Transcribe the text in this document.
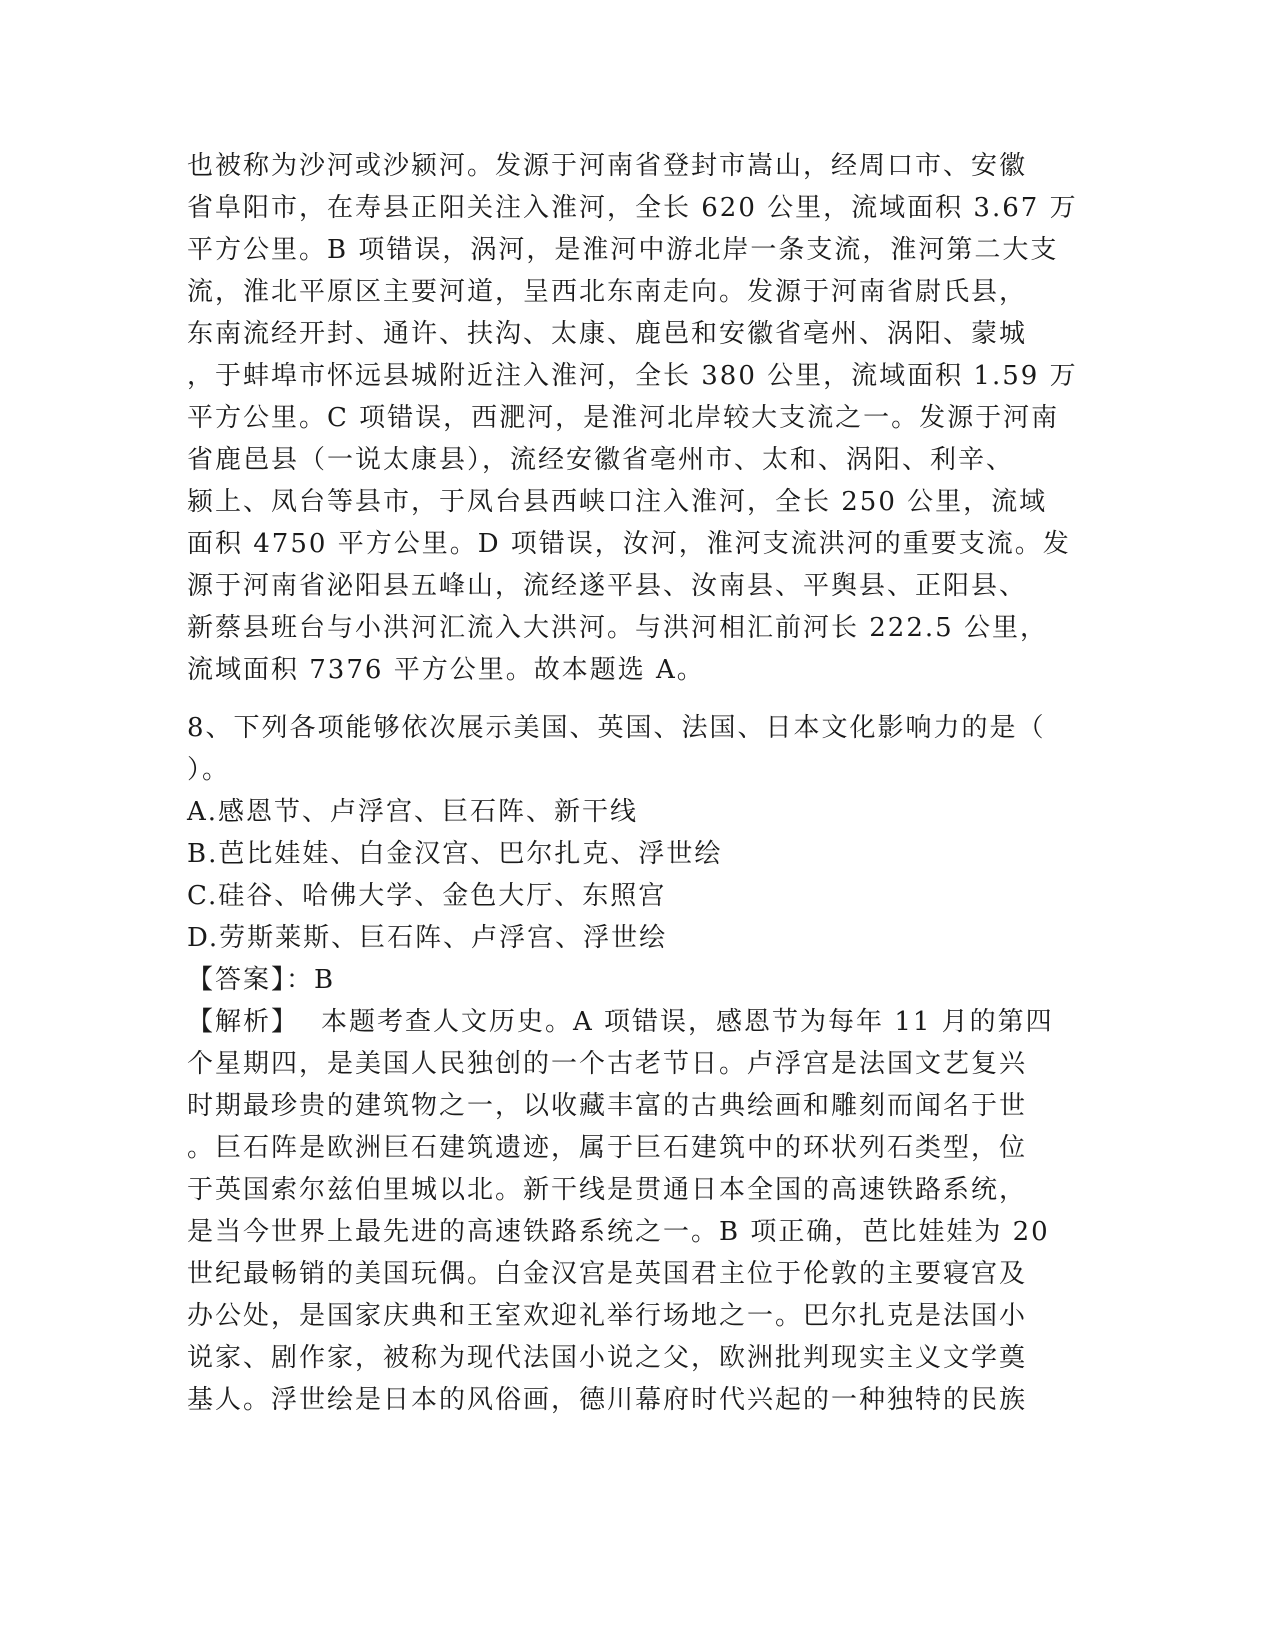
也被称为沙河或沙颍河。发源于河南省登封市嵩山，经周口市、安徽
省阜阳市，在寿县正阳关注入淮河，全长 620 公里，流域面积 3.67 万
平方公里。B 项错误，涡河，是淮河中游北岸一条支流，淮河第二大支
流，淮北平原区主要河道，呈西北东南走向。发源于河南省尉氏县，
东南流经开封、通许、扶沟、太康、鹿邑和安徽省亳州、涡阳、蒙城
，于蚌埠市怀远县城附近注入淮河，全长 380 公里，流域面积 1.59 万
平方公里。C 项错误，西淝河，是淮河北岸较大支流之一。发源于河南
省鹿邑县（一说太康县），流经安徽省亳州市、太和、涡阳、利辛、
颍上、凤台等县市，于凤台县西峡口注入淮河，全长 250 公里，流域
面积 4750 平方公里。D 项错误，汝河，淮河支流洪河的重要支流。发
源于河南省泌阳县五峰山，流经遂平县、汝南县、平舆县、正阳县、
新蔡县班台与小洪河汇流入大洪河。与洪河相汇前河长 222.5 公里，
流域面积 7376 平方公里。故本题选 A。
8、下列各项能够依次展示美国、英国、法国、日本文化影响力的是（
）。
A.感恩节、卢浮宫、巨石阵、新干线
B.芭比娃娃、白金汉宫、巴尔扎克、浮世绘
C.硅谷、哈佛大学、金色大厅、东照宫
D.劳斯莱斯、巨石阵、卢浮宫、浮世绘
【答案】：B
【解析】 本题考查人文历史。A 项错误，感恩节为每年 11 月的第四
个星期四，是美国人民独创的一个古老节日。卢浮宫是法国文艺复兴
时期最珍贵的建筑物之一，以收藏丰富的古典绘画和雕刻而闻名于世
。巨石阵是欧洲巨石建筑遗迹，属于巨石建筑中的环状列石类型，位
于英国索尔兹伯里城以北。新干线是贯通日本全国的高速铁路系统，
是当今世界上最先进的高速铁路系统之一。B 项正确，芭比娃娃为 20
世纪最畅销的美国玩偶。白金汉宫是英国君主位于伦敦的主要寝宫及
办公处，是国家庆典和王室欢迎礼举行场地之一。巴尔扎克是法国小
说家、剧作家，被称为现代法国小说之父，欧洲批判现实主义文学奠
基人。浮世绘是日本的风俗画，德川幕府时代兴起的一种独特的民族
